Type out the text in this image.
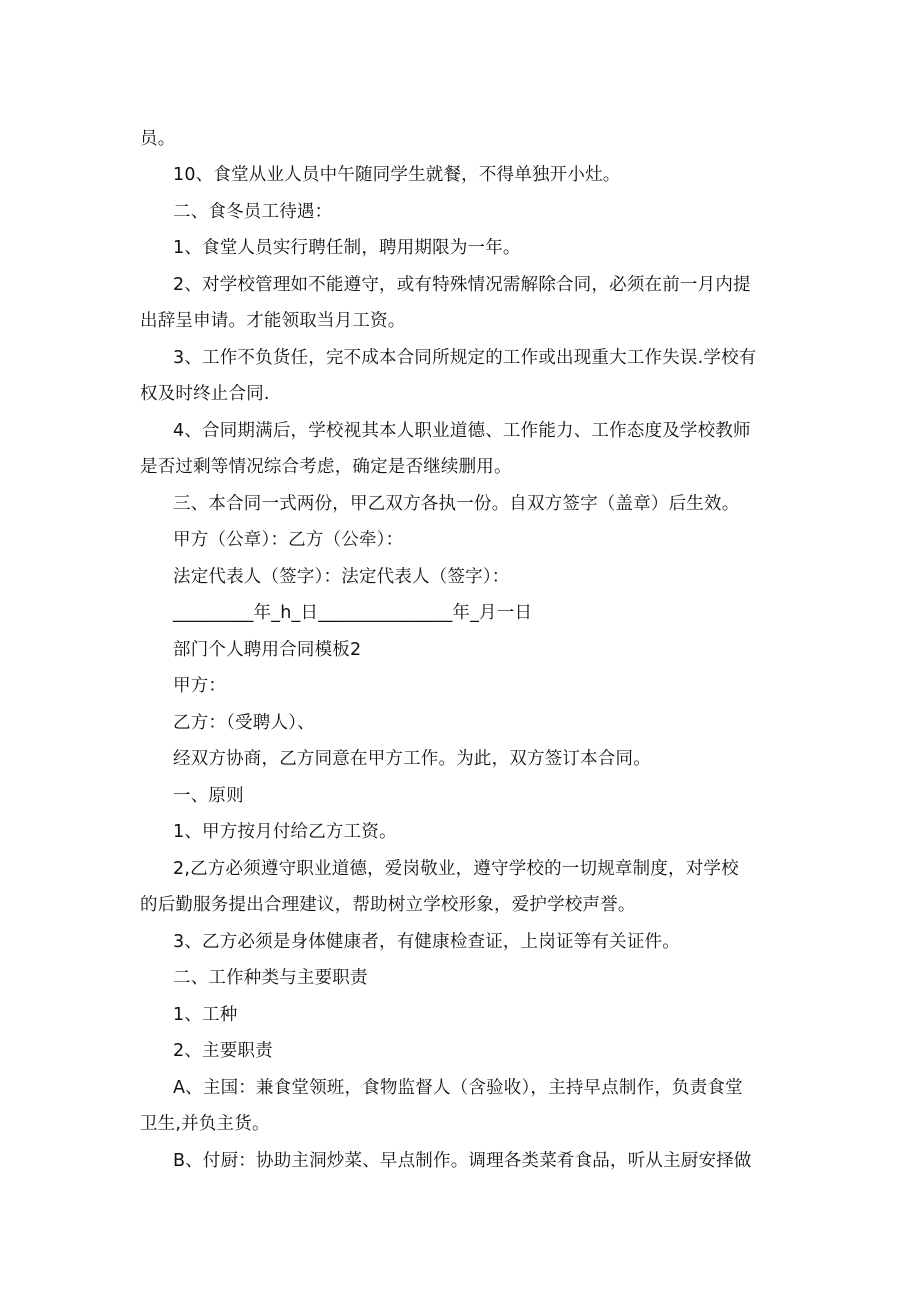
员。
10、食堂从业人员中午随同学生就餐，不得单独开小灶。
二、食冬员工待遇：
1、食堂人员实行聘任制，聘用期限为一年。
2、对学校管理如不能遵守，或有特殊情况需解除合同，必须在前一月内提
出辞呈申请。才能领取当月工资。
3、工作不负货任，完不成本合同所规定的工作或出现重大工作失误.学校有
权及时终止合同.
4、合同期满后，学校视其本人职业道德、工作能力、工作态度及学校教师
是否过剩等情况综合考虑，确定是否继续删用。
三、本合同一式两份，甲乙双方各执一份。自双方签字（盖章）后生效。
甲方（公章）：乙方（公牵）：
法定代表人（签字）：法定代表人（签字）：
_________年_h_日_______________年_月一日
部门个人聘用合同模板2
甲方：
乙方：（受聘人）、
经双方协商，乙方同意在甲方工作。为此，双方签订本合同。
一、原则
1、甲方按月付给乙方工资。
2,乙方必须遵守职业道德，爱岗敬业，遵守学校的一切规章制度，对学校
的后勤服务提出合理建议，帮助树立学校形象，爱护学校声誉。
3、乙方必须是身体健康者，有健康检查证，上岗证等有关证件。
二、工作种类与主要职责
1、工种
2、主要职责
A、主国：兼食堂领班，食物监督人（含验收），主持早点制作，负责食堂
卫生,并负主货。
B、付厨：协助主洞炒菜、早点制作。调理各类菜肴食品，听从主厨安择做
